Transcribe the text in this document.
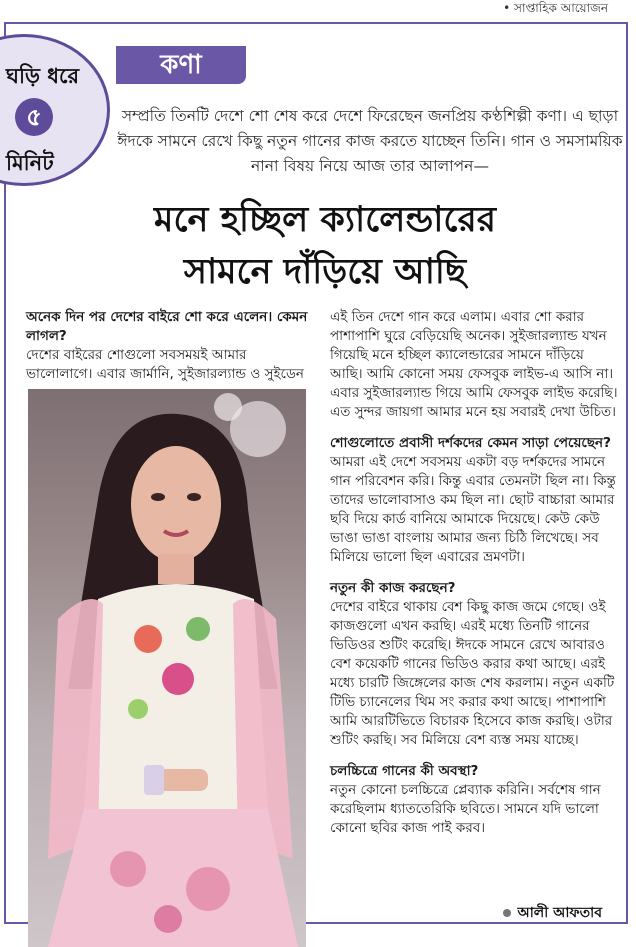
• সাপ্তাহিক আয়োজন
ঘড়ি ধরে
৫
মিনিট
কণা
সম্প্রতি তিনটি দেশে শো শেষ করে দেশে ফিরেছেন জনপ্রিয় কণ্ঠশিল্পী কণা। এ ছাড়া ঈদকে সামনে রেখে কিছু নতুন গানের কাজ করতে যাচ্ছেন তিনি। গান ও সমসাময়িক নানা বিষয় নিয়ে আজ তার আলাপন—
মনে হচ্ছিল ক্যালেন্ডারের
সামনে দাঁড়িয়ে আছি

অনেক দিন পর দেশের বাইরে শো করে এলেন। কেমন লাগল?

দেশের বাইরের শোগুলো সবসময়ই আমার ভালোলাগে। এবার জার্মানি, সুইজারল্যান্ড ও সুইডেন

এই তিন দেশে গান করে এলাম। এবার শো করার পাশাপাশি ঘুরে বেড়িয়েছি অনেক। সুইজারল্যান্ড যখন গিয়েছি মনে হচ্ছিল ক্যালেন্ডারের সামনে দাঁড়িয়ে আছি। আমি কোনো সময় ফেসবুক লাইভ-এ আসি না। এবার সুইজারল্যান্ড গিয়ে আমি ফেসবুক লাইভ করেছি। এত সুন্দর জায়গা আমার মনে হয় সবারই দেখা উচিত।

শোগুলোতে প্রবাসী দর্শকদের কেমন সাড়া পেয়েছেন?

আমরা এই দেশে সবসময় একটা বড় দর্শকদের সামনে গান পরিবেশন করি। কিন্তু এবার তেমনটা ছিল না। কিন্তু তাদের ভালোবাসাও কম ছিল না। ছোট বাচ্চারা আমার ছবি দিয়ে কার্ড বানিয়ে আমাকে দিয়েছে। কেউ কেউ ভাঙা ভাঙা বাংলায় আমার জন্য চিঠি লিখেছে। সব মিলিয়ে ভালো ছিল এবারের ভ্রমণটা।

নতুন কী কাজ করছেন?

দেশের বাইরে থাকায় বেশ কিছু কাজ জমে গেছে। ওই কাজগুলো এখন করছি। এরই মধ্যে তিনটি গানের ভিডিওর শুটিং করেছি। ঈদকে সামনে রেখে আবারও বেশ কয়েকটি গানের ভিডিও করার কথা আছে। এরই মধ্যে চারটি জিঙ্গেলের কাজ শেষ করলাম। নতুন একটি টিভি চ্যানেলের থিম সং করার কথা আছে। পাশাপাশি আমি আরটিভিতে বিচারক হিসেবে কাজ করছি। ওটার শুটিং করছি। সব মিলিয়ে বেশ ব্যস্ত সময় যাচ্ছে।

চলচ্চিত্রে গানের কী অবস্থা?

নতুন কোনো চলচ্চিত্রে প্লেব্যাক করিনি। সর্বশেষ গান করেছিলাম ধ্যাততেরিকি ছবিতে। সামনে যদি ভালো কোনো ছবির কাজ পাই করব।

আলী আফতাব
